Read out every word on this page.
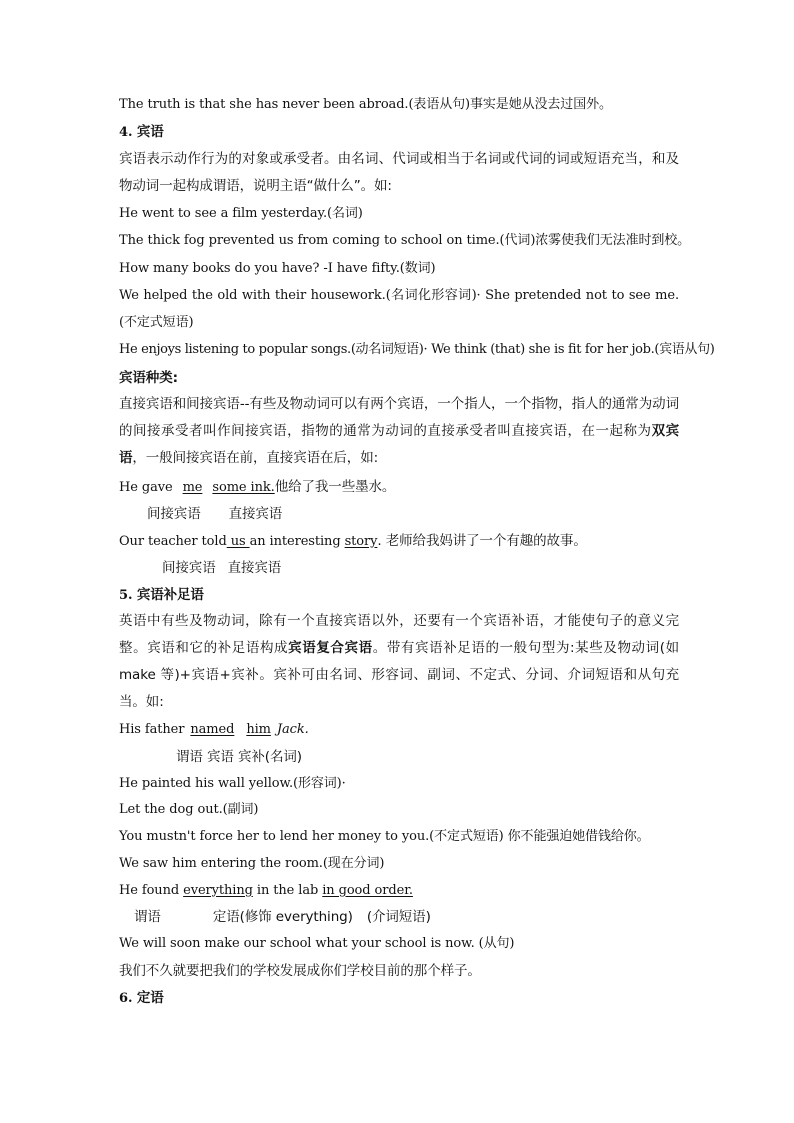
The truth is that she has never been abroad.(表语从句)事实是她从没去过国外。
4. 宾语
宾语表示动作行为的对象或承受者。由名词、代词或相当于名词或代词的词或短语充当，和及物动词一起构成谓语，说明主语“做什么”。如:
He went to see a film yesterday.(名词)
The thick fog prevented us from coming to school on time.(代词)浓雾使我们无法准时到校。
How many books do you have? -I have fifty.(数词)
We helped the old with their housework.(名词化形容词)· She pretended not to see me.(不定式短语)
He enjoys listening to popular songs.(动名词短语)· We think (that) she is fit for her job.(宾语从句)
宾语种类:
直接宾语和间接宾语--有些及物动词可以有两个宾语，一个指人，一个指物，指人的通常为动词的间接承受者叫作间接宾语，指物的通常为动词的直接承受者叫直接宾语，在一起称为双宾语，一般间接宾语在前，直接宾语在后，如:
He gave me some ink.他给了我一些墨水。
间接宾语 直接宾语
Our teacher told us an interesting story. 老师给我妈讲了一个有趣的故事。
间接宾语 直接宾语
5. 宾语补足语
英语中有些及物动词，除有一个直接宾语以外，还要有一个宾语补语，才能使句子的意义完整。宾语和它的补足语构成宾语复合宾语。带有宾语补足语的一般句型为:某些及物动词(如 make 等)+宾语+宾补。宾补可由名词、形容词、副词、不定式、分词、介词短语和从句充当。如:
His father named him Jack.
谓语 宾语 宾补(名词)
He painted his wall yellow.(形容词)·
Let the dog out.(副词)
You mustn't force her to lend her money to you.(不定式短语) 你不能强迫她借钱给你。
We saw him entering the room.(现在分词)
He found everything in the lab in good order.
谓语	定语(修饰 everything) (介词短语)
We will soon make our school what your school is now. (从句)
我们不久就要把我们的学校发展成你们学校目前的那个样子。
6. 定语
